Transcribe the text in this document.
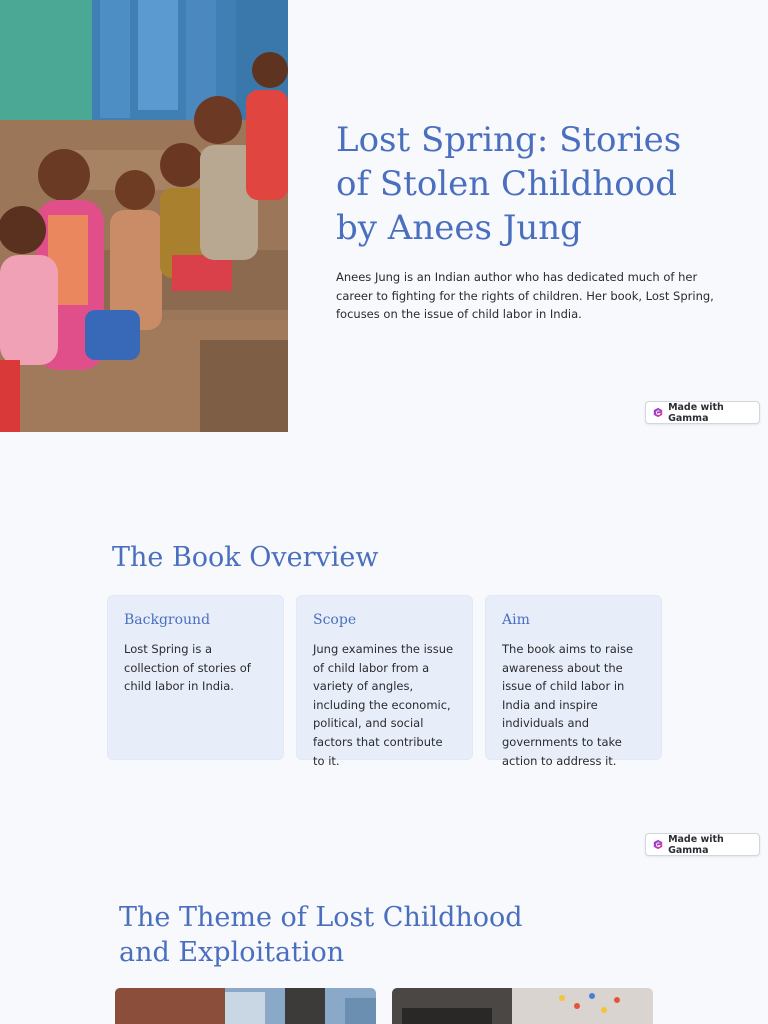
Lost Spring: Stories of Stolen Childhood by Anees Jung

Anees Jung is an Indian author who has dedicated much of her career to fighting for the rights of children. Her book, Lost Spring, focuses on the issue of child labor in India.

Made with Gamma
The Book Overview
Background
Lost Spring is a collection of stories of child labor in India.
Scope
Jung examines the issue of child labor from a variety of angles, including the economic, political, and social factors that contribute to it.
Aim
The book aims to raise awareness about the issue of child labor in India and inspire individuals and governments to take action to address it.
Made with Gamma
The Theme of Lost Childhood and Exploitation
